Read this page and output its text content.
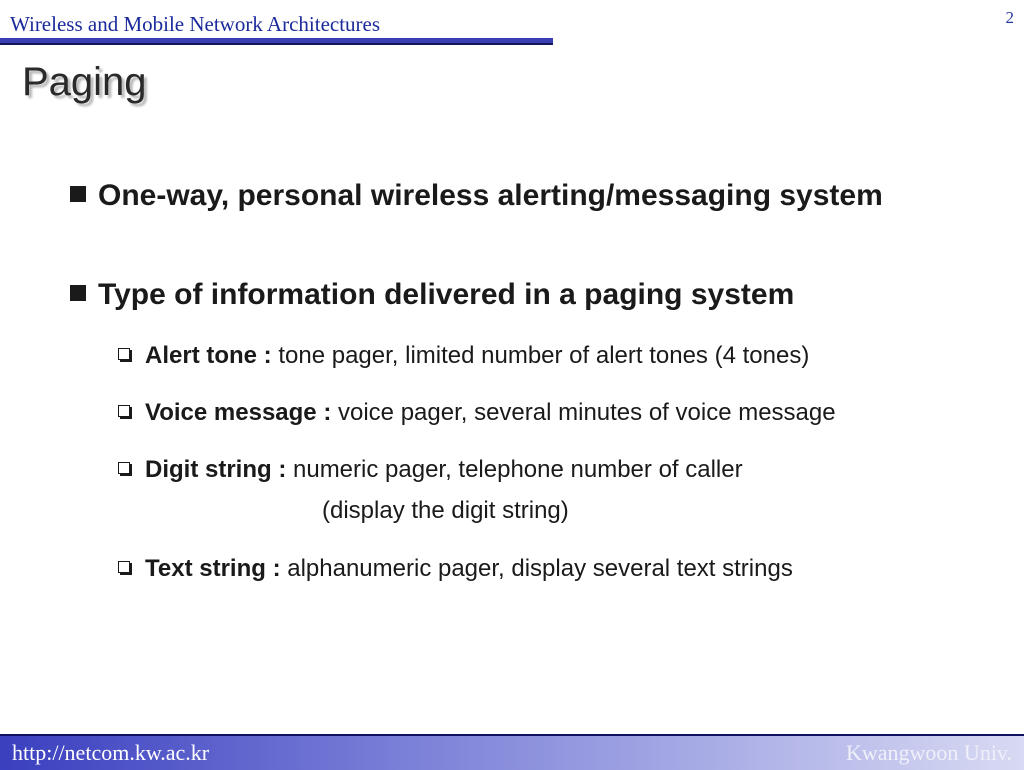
Wireless and Mobile Network Architectures	2
Paging
One-way, personal wireless alerting/messaging system
Type of information delivered in a paging system
Alert tone : tone pager, limited number of alert tones (4 tones)
Voice message : voice pager, several minutes of voice message
Digit string : numeric pager, telephone number of caller
(display the digit string)
Text string : alphanumeric pager, display several text strings
http://netcom.kw.ac.kr	Kwangwoon Univ.
